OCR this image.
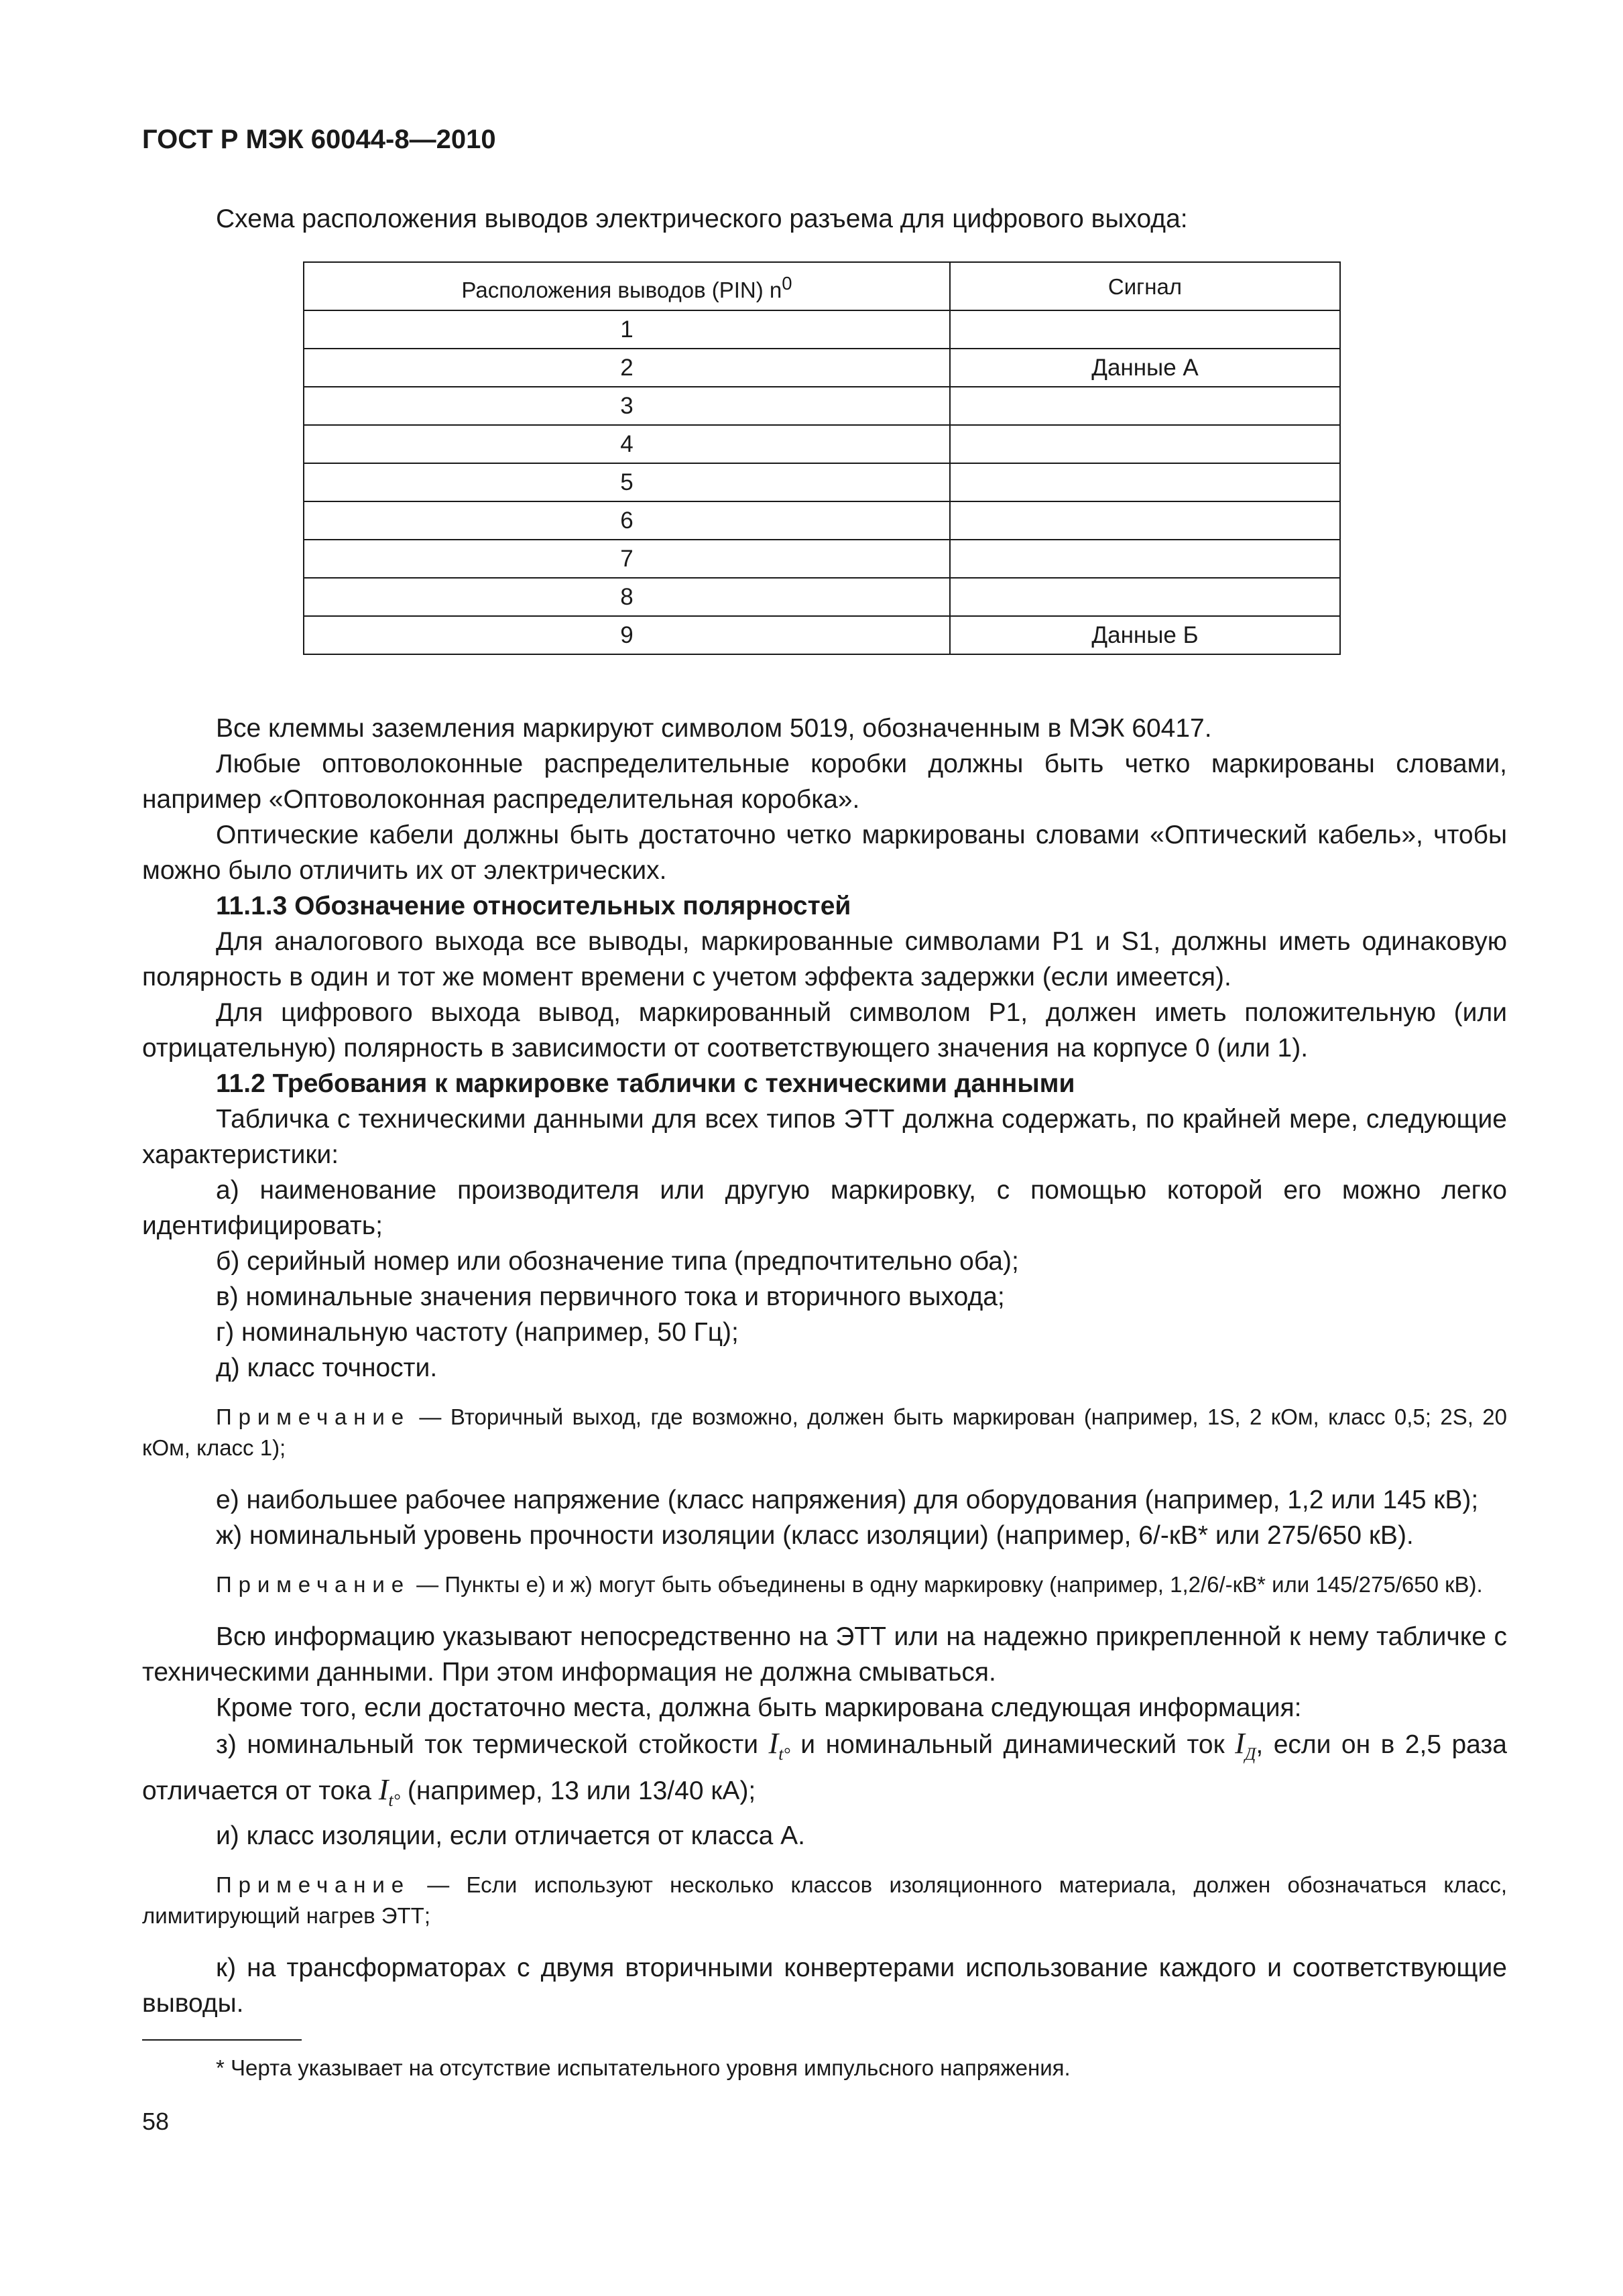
ГОСТ Р МЭК 60044-8—2010
Схема расположения выводов электрического разъема для цифрового выхода:
Расположения выводов (PIN) $n^0$	Сигнал
1	
2	Данные А
3	
4	
5	
6	
7	
8	
9	Данные Б

Все клеммы заземления маркируют символом 5019, обозначенным в МЭК 60417.

Любые оптоволоконные распределительные коробки должны быть четко маркированы словами, например «Оптоволоконная распределительная коробка».

Оптические кабели должны быть достаточно четко маркированы словами «Оптический кабель», чтобы можно было отличить их от электрических.

11.1.3 Обозначение относительных полярностей

Для аналогового выхода все выводы, маркированные символами Р1 и S1, должны иметь одинаковую полярность в один и тот же момент времени с учетом эффекта задержки (если имеется).

Для цифрового выхода вывод, маркированный символом Р1, должен иметь положительную (или отрицательную) полярность в зависимости от соответствующего значения на корпусе 0 (или 1).

11.2 Требования к маркировке таблички с техническими данными

Табличка с техническими данными для всех типов ЭТТ должна содержать, по крайней мере, следующие характеристики:

а) наименование производителя или другую маркировку, с помощью которой его можно легко идентифицировать;

б) серийный номер или обозначение типа (предпочтительно оба);

в) номинальные значения первичного тока и вторичного выхода;

г) номинальную частоту (например, 50 Гц);

д) класс точности.

Примечание — Вторичный выход, где возможно, должен быть маркирован (например, 1S, 2 кОм, класс 0,5; 2S, 20 кОм, класс 1);

е) наибольшее рабочее напряжение (класс напряжения) для оборудования (например, 1,2 или 145 кВ);

ж) номинальный уровень прочности изоляции (класс изоляции) (например, 6/-кВ* или 275/650 кВ).

Примечание — Пункты е) и ж) могут быть объединены в одну маркировку (например, 1,2/6/-кВ* или 145/275/650 кВ).

Всю информацию указывают непосредственно на ЭТТ или на надежно прикрепленной к нему табличке с техническими данными. При этом информация не должна смываться.

Кроме того, если достаточно места, должна быть маркирована следующая информация:

з) номинальный ток термической стойкости $I_{t^\circ}$ и номинальный динамический ток $I_Д$, если он в 2,5 раза отличается от тока $I_{t^\circ}$ (например, 13 или 13/40 кА);

и) класс изоляции, если отличается от класса А.

Примечание — Если используют несколько классов изоляционного материала, должен обозначаться класс, лимитирующий нагрев ЭТТ;

к) на трансформаторах с двумя вторичными конвертерами использование каждого и соответствующие выводы.

* Черта указывает на отсутствие испытательного уровня импульсного напряжения.
58
